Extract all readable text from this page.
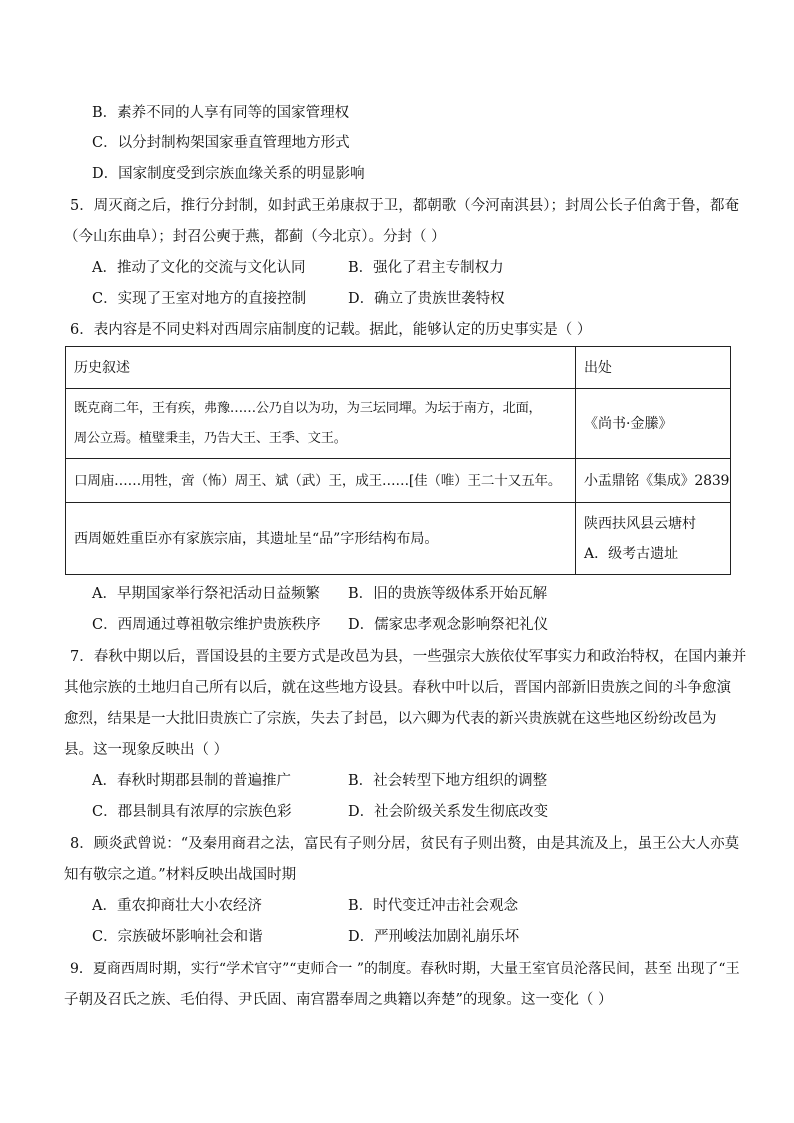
B．素养不同的人享有同等的国家管理权
C．以分封制构架国家垂直管理地方形式
D．国家制度受到宗族血缘关系的明显影响
5．周灭商之后，推行分封制，如封武王弟康叔于卫，都朝歌（今河南淇县）；封周公长子伯禽于鲁，都奄
（今山东曲阜）；封召公奭于燕，都蓟（今北京）。分封（ ）
A．推动了文化的交流与文化认同	B．强化了君主专制权力
C．实现了王室对地方的直接控制	D．确立了贵族世袭特权
6．表内容是不同史料对西周宗庙制度的记载。据此，能够认定的历史事实是（ ）
历史叙述	出处

既克商二年，王有疾，弗豫……公乃自以为功，为三坛同墠。为坛于南方，北面，
周公立焉。植璧秉圭，乃告大王、王季、文王。	《尚书·金縢》

口周庙……用牲，啻（怖）周王、斌（武）王，成王……[佳（唯）王二十又五年。	小盂鼎铭《集成》2839
西周姬姓重臣亦有家族宗庙，其遗址呈“品”字形结构布局。	陕西扶风县云塘村
A．级考古遗址
A．早期国家举行祭祀活动日益频繁 B．旧的贵族等级体系开始瓦解
C．西周通过尊祖敬宗维护贵族秩序 D．儒家忠孝观念影响祭祀礼仪
7．春秋中期以后，晋国设县的主要方式是改邑为县，一些强宗大族依仗军事实力和政治特权，在国内兼并
其他宗族的土地归自己所有以后，就在这些地方设县。春秋中叶以后，晋国内部新旧贵族之间的斗争愈演
愈烈，结果是一大批旧贵族亡了宗族，失去了封邑，以六卿为代表的新兴贵族就在这些地区纷纷改邑为
县。这一现象反映出（ ）
A．春秋时期郡县制的普遍推广	B．社会转型下地方组织的调整
C．郡县制具有浓厚的宗族色彩	D．社会阶级关系发生彻底改变
8．顾炎武曾说：“及秦用商君之法，富民有子则分居，贫民有子则出赘，由是其流及上，虽王公大人亦莫
知有敬宗之道。”材料反映出战国时期
A．重农抑商壮大小农经济	B．时代变迁冲击社会观念
C．宗族破坏影响社会和谐	D．严刑峻法加剧礼崩乐坏
9．夏商西周时期，实行“学术官守”“吏师合一 ”的制度。春秋时期，大量王室官员沦落民间，甚至 出现了“王
子朝及召氏之族、毛伯得、尹氏固、南宫嚣奉周之典籍以奔楚”的现象。这一变化（ ）
